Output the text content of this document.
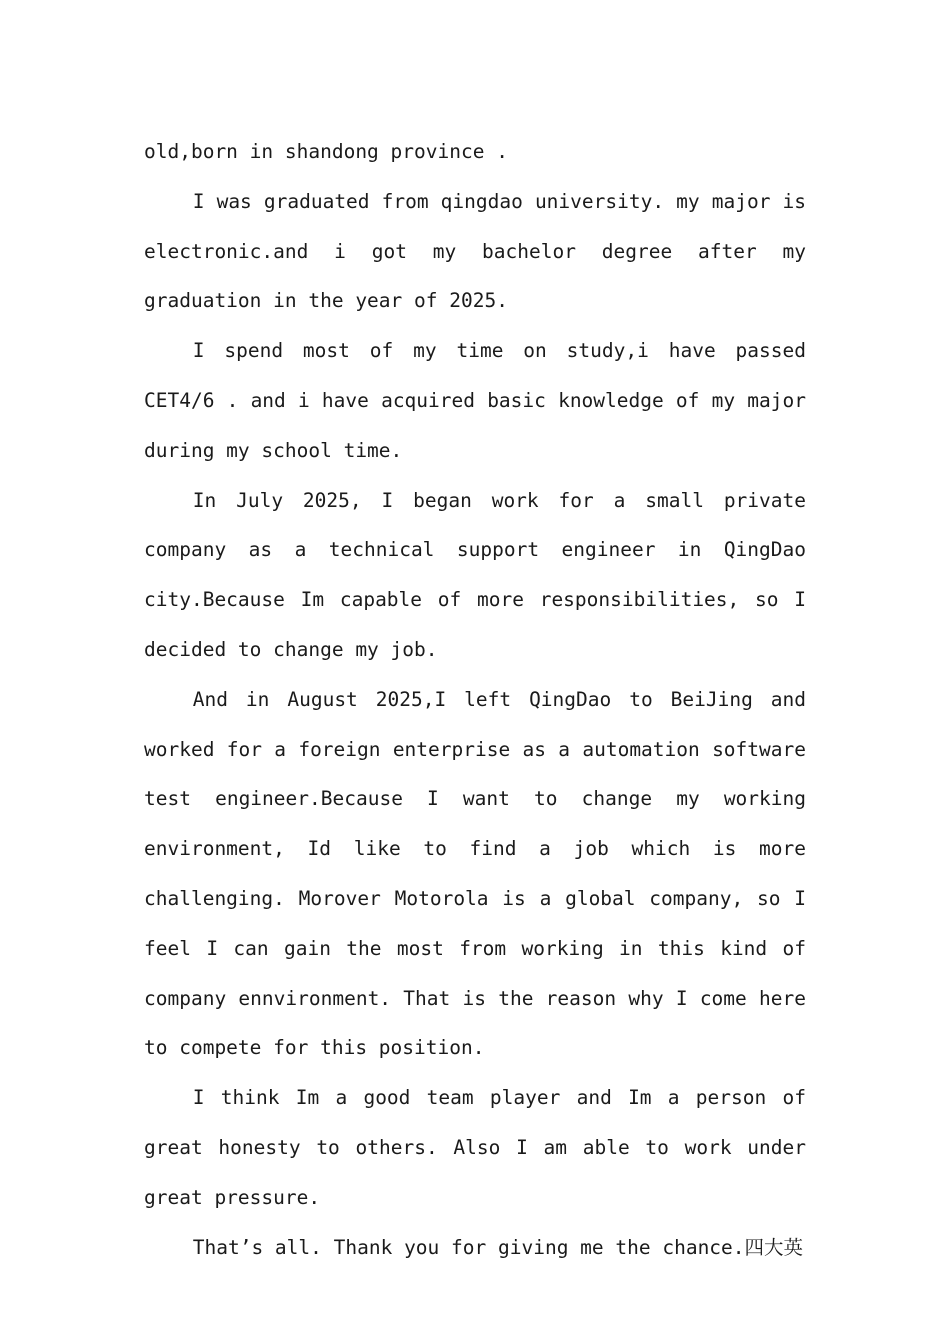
old,born in shandong province .

I was graduated from qingdao university. my major is electronic.and i got my bachelor degree after my graduation in the year of 2025.

I spend most of my time on study,i have passed CET4/6 . and i have acquired basic knowledge of my major during my school time.

In July 2025, I began work for a small private company as a technical support engineer in QingDao city.Because Im capable of more responsibilities, so I decided to change my job.

And in August 2025,I left QingDao to BeiJing and worked for a foreign enterprise as a automation software test engineer.Because I want to change my working environment, Id like to find a job which is more challenging. Morover Motorola is a global company, so I feel I can gain the most from working in this kind of company ennvironment. That is the reason why I come here to compete for this position.

I think Im a good team player and Im a person of great honesty to others. Also I am able to work under great pressure.

That’s all. Thank you for giving me the chance.四大英
